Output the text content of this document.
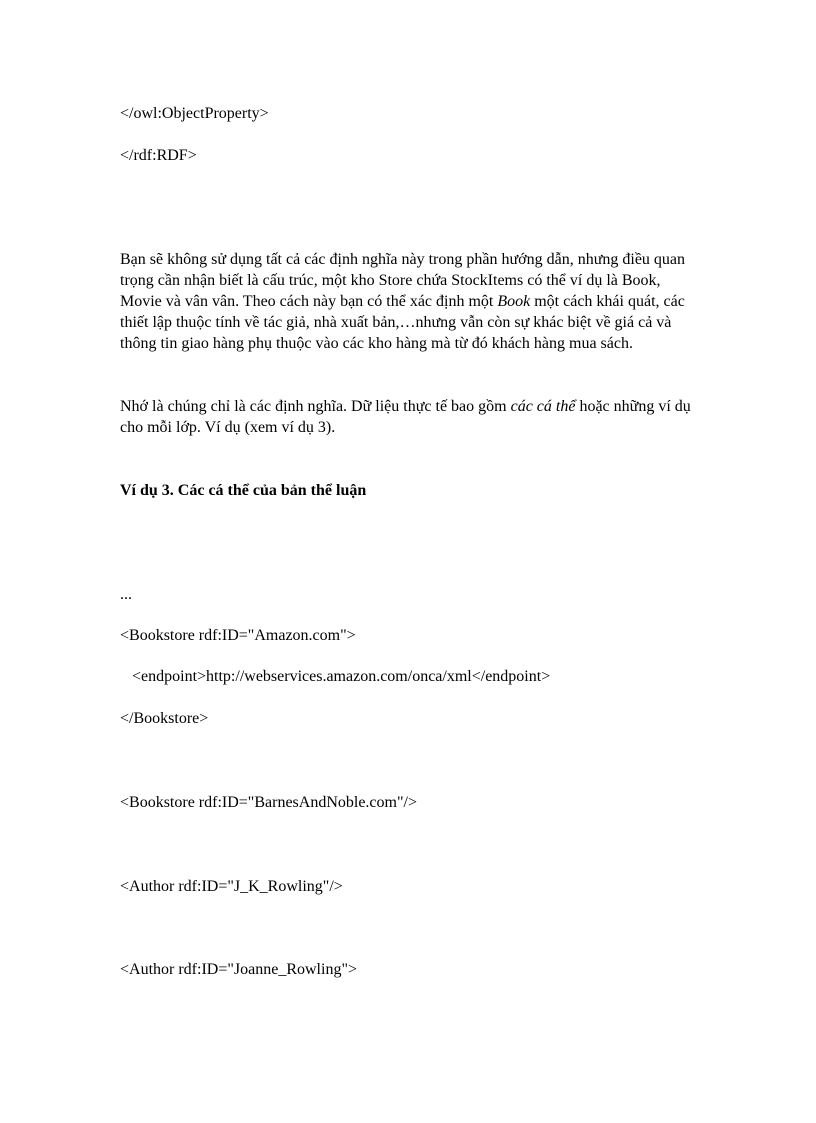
</owl:ObjectProperty>

</rdf:RDF>

Bạn sẽ không sử dụng tất cả các định nghĩa này trong phần hướng dẫn, nhưng điều quan trọng cần nhận biết là cấu trúc, một kho Store chứa StockItems có thể ví dụ là Book, Movie và vân vân. Theo cách này bạn có thể xác định một Book một cách khái quát, các thiết lập thuộc tính về tác giả, nhà xuất bản,…nhưng vẫn còn sự khác biệt về giá cả và thông tin giao hàng phụ thuộc vào các kho hàng mà từ đó khách hàng mua sách.

Nhớ là chúng chỉ là các định nghĩa. Dữ liệu thực tế bao gồm các cá thể hoặc những ví dụ cho mỗi lớp. Ví dụ (xem ví dụ 3).

Ví dụ 3. Các cá thể của bản thể luận

...

<Bookstore rdf:ID="Amazon.com">

<endpoint>http://webservices.amazon.com/onca/xml</endpoint>

</Bookstore>

<Bookstore rdf:ID="BarnesAndNoble.com"/>

<Author rdf:ID="J_K_Rowling"/>

<Author rdf:ID="Joanne_Rowling">
